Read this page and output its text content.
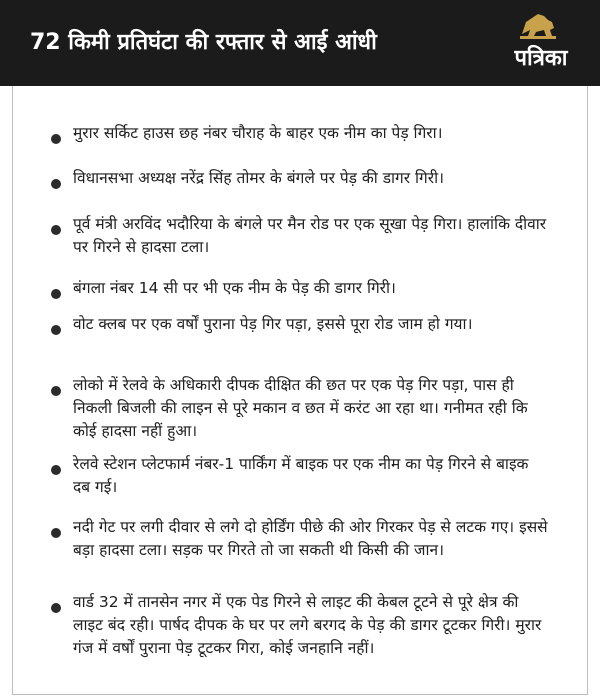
72 किमी प्रतिघंटा की रफ्तार से आई आंधी
पत्रिका
मुरार सर्किट हाउस छह नंबर चौराह के बाहर एक नीम का पेड़ गिरा।
विधानसभा अध्यक्ष नरेंद्र सिंह तोमर के बंगले पर पेड़ की डागर गिरी।
पूर्व मंत्री अरविंद भदौरिया के बंगले पर मैन रोड पर एक सूखा पेड़ गिरा। हालांकि दीवार पर गिरने से हादसा टला।
बंगला नंबर 14 सी पर भी एक नीम के पेड़ की डागर गिरी।
वोट क्लब पर एक वर्षों पुराना पेड़ गिर पड़ा, इससे पूरा रोड जाम हो गया।
लोको में रेलवे के अधिकारी दीपक दीक्षित की छत पर एक पेड़ गिर पड़ा, पास ही निकली बिजली की लाइन से पूरे मकान व छत में करंट आ रहा था। गनीमत रही कि कोई हादसा नहीं हुआ।
रेलवे स्टेशन प्लेटफार्म नंबर-1 पार्किंग में बाइक पर एक नीम का पेड़ गिरने से बाइक दब गई।
नदी गेट पर लगी दीवार से लगे दो होर्डिंग पीछे की ओर गिरकर पेड़ से लटक गए। इससे बड़ा हादसा टला। सड़क पर गिरते तो जा सकती थी किसी की जान।
वार्ड 32 में तानसेन नगर में एक पेड गिरने से लाइट की केबल टूटने से पूरे क्षेत्र की लाइट बंद रही। पार्षद दीपक के घर पर लगे बरगद के पेड़ की डागर टूटकर गिरी। मुरार गंज में वर्षों पुराना पेड़ टूटकर गिरा, कोई जनहानि नहीं।
